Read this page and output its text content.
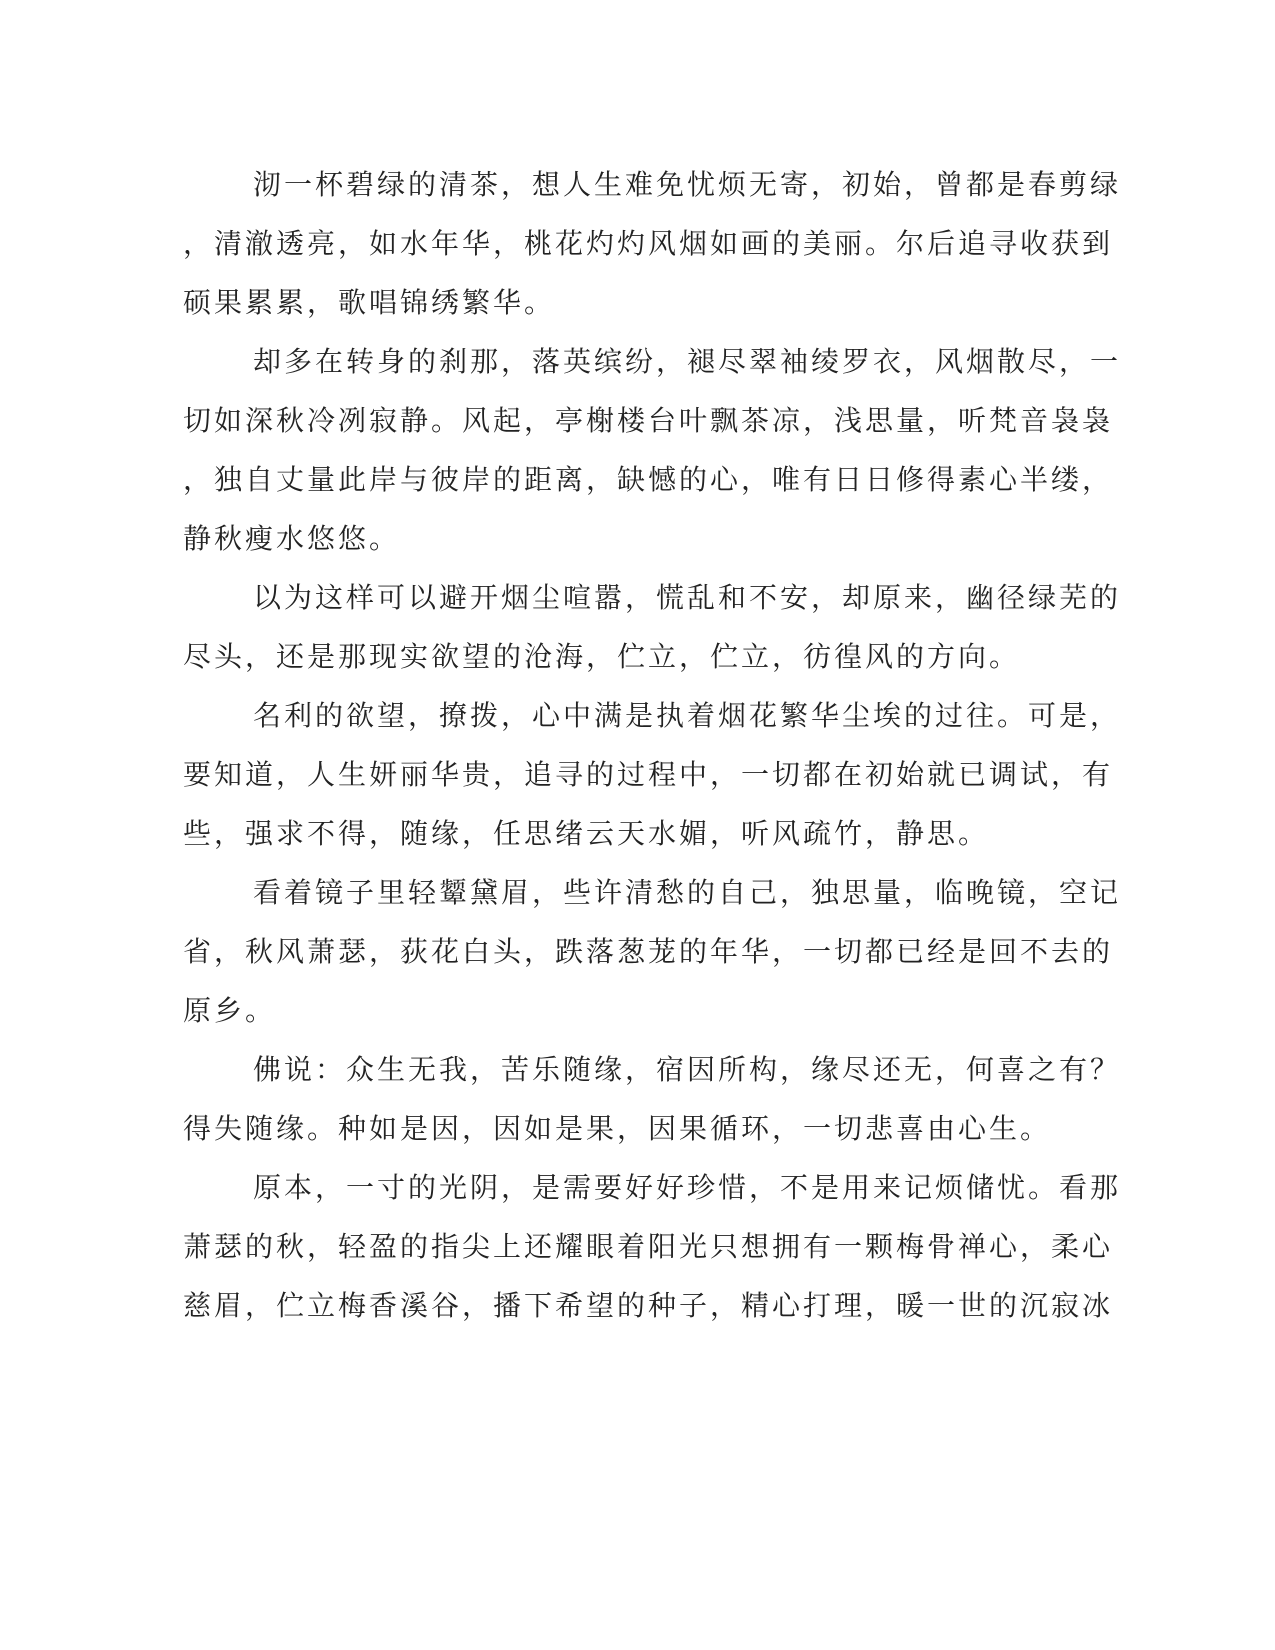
沏一杯碧绿的清茶，想人生难免忧烦无寄，初始，曾都是春剪绿
，清澈透亮，如水年华，桃花灼灼风烟如画的美丽。尔后追寻收获到
硕果累累，歌唱锦绣繁华。
却多在转身的刹那，落英缤纷，褪尽翠袖绫罗衣，风烟散尽，一
切如深秋冷冽寂静。风起，亭榭楼台叶飘茶凉，浅思量，听梵音袅袅
，独自丈量此岸与彼岸的距离，缺憾的心，唯有日日修得素心半缕，
静秋瘦水悠悠。
以为这样可以避开烟尘喧嚣，慌乱和不安，却原来，幽径绿芜的
尽头，还是那现实欲望的沧海，伫立，伫立，彷徨风的方向。
名利的欲望，撩拨，心中满是执着烟花繁华尘埃的过往。可是，
要知道，人生妍丽华贵，追寻的过程中，一切都在初始就已调试，有
些，强求不得，随缘，任思绪云天水媚，听风疏竹，静思。
看着镜子里轻颦黛眉，些许清愁的自己，独思量，临晚镜，空记
省，秋风萧瑟，荻花白头，跌落葱茏的年华，一切都已经是回不去的
原乡。
佛说：众生无我，苦乐随缘，宿因所构，缘尽还无，何喜之有？
得失随缘。种如是因，因如是果，因果循环，一切悲喜由心生。
原本，一寸的光阴，是需要好好珍惜，不是用来记烦储忧。看那
萧瑟的秋，轻盈的指尖上还耀眼着阳光只想拥有一颗梅骨禅心，柔心
慈眉，伫立梅香溪谷，播下希望的种子，精心打理，暖一世的沉寂冰
